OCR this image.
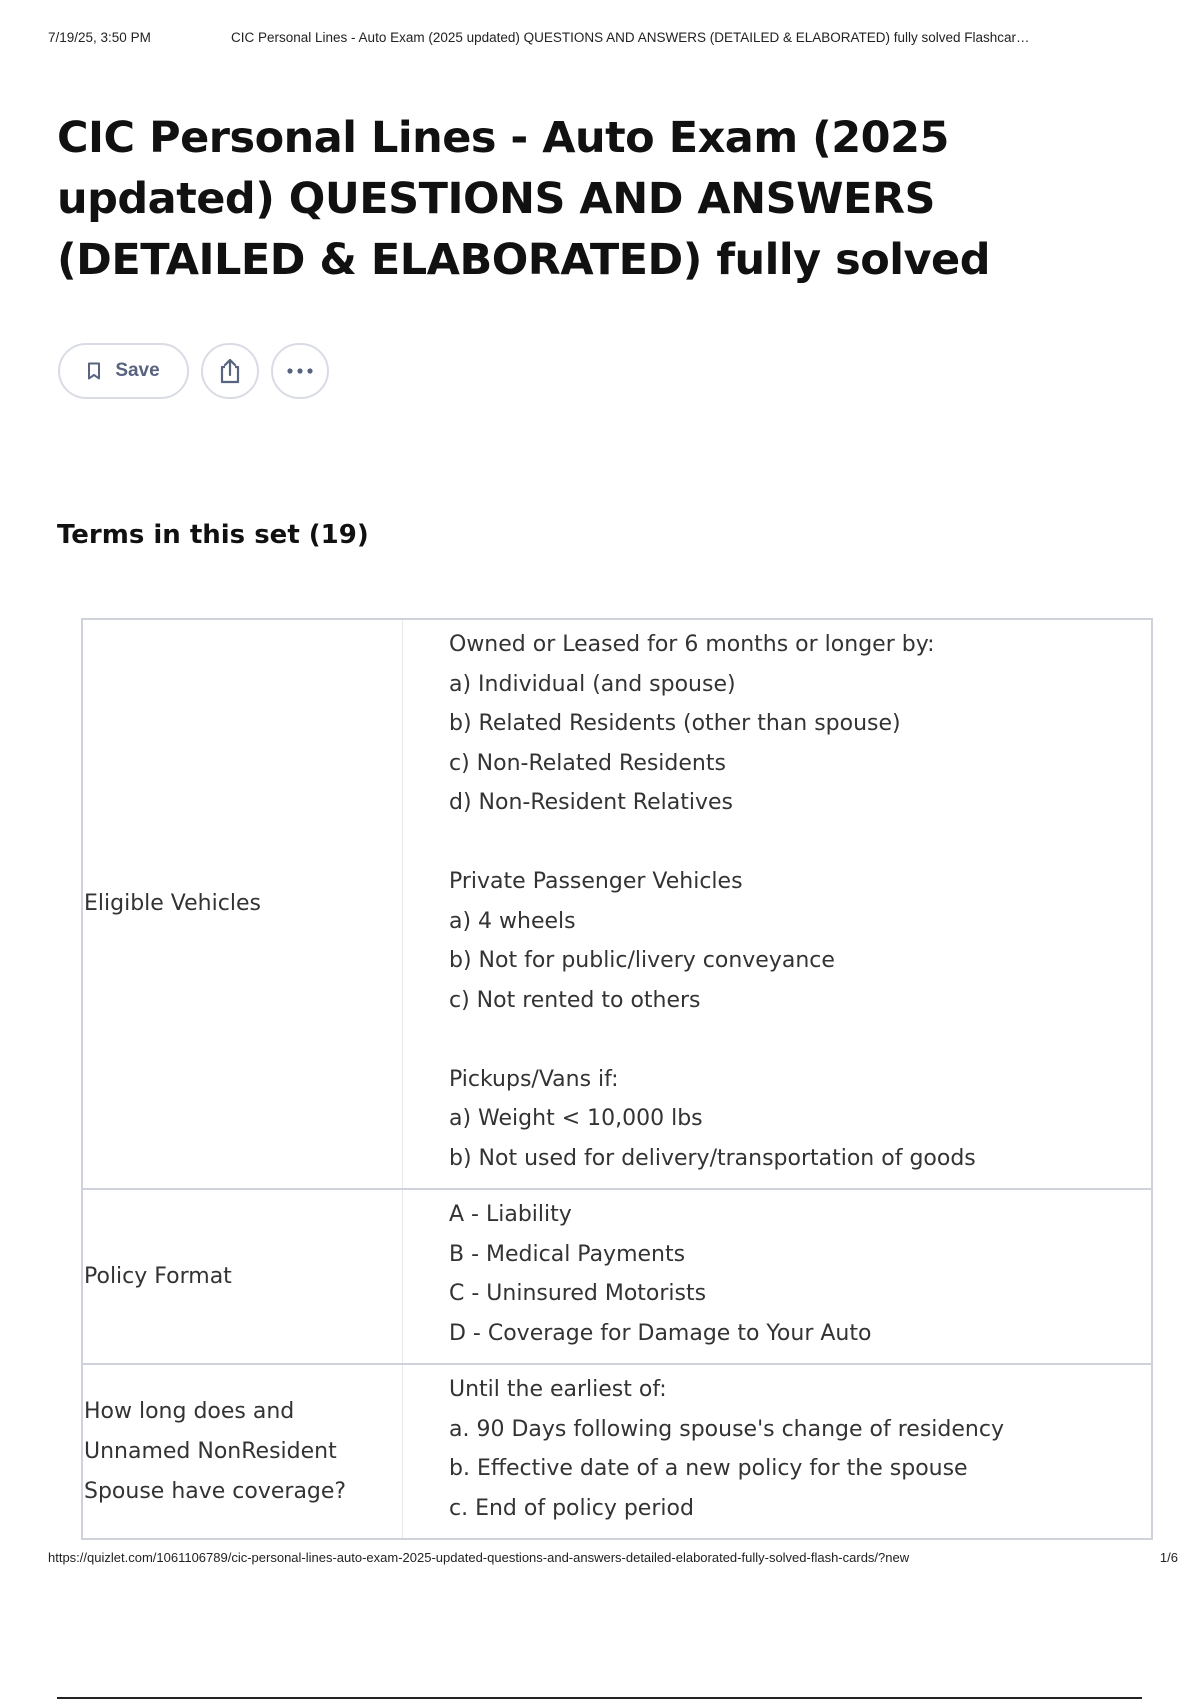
7/19/25, 3:50 PM	CIC Personal Lines - Auto Exam (2025 updated) QUESTIONS AND ANSWERS (DETAILED & ELABORATED) fully solved Flashcar…
CIC Personal Lines - Auto Exam (2025 updated) QUESTIONS AND ANSWERS (DETAILED & ELABORATED) fully solved
Save
Terms in this set (19)
Eligible Vehicles
Owned or Leased for 6 months or longer by:
a) Individual (and spouse)
b) Related Residents (other than spouse)
c) Non-Related Residents
d) Non-Resident Relatives
Private Passenger Vehicles
a) 4 wheels
b) Not for public/livery conveyance
c) Not rented to others
Pickups/Vans if:
a) Weight < 10,000 lbs
b) Not used for delivery/transportation of goods
Policy Format
A - Liability
B - Medical Payments
C - Uninsured Motorists
D - Coverage for Damage to Your Auto
How long does and
Unnamed NonResident
Spouse have coverage?
Until the earliest of:
a. 90 Days following spouse's change of residency
b. Effective date of a new policy for the spouse
c. End of policy period
https://quizlet.com/1061106789/cic-personal-lines-auto-exam-2025-updated-questions-and-answers-detailed-elaborated-fully-solved-flash-cards/?new	1/6
